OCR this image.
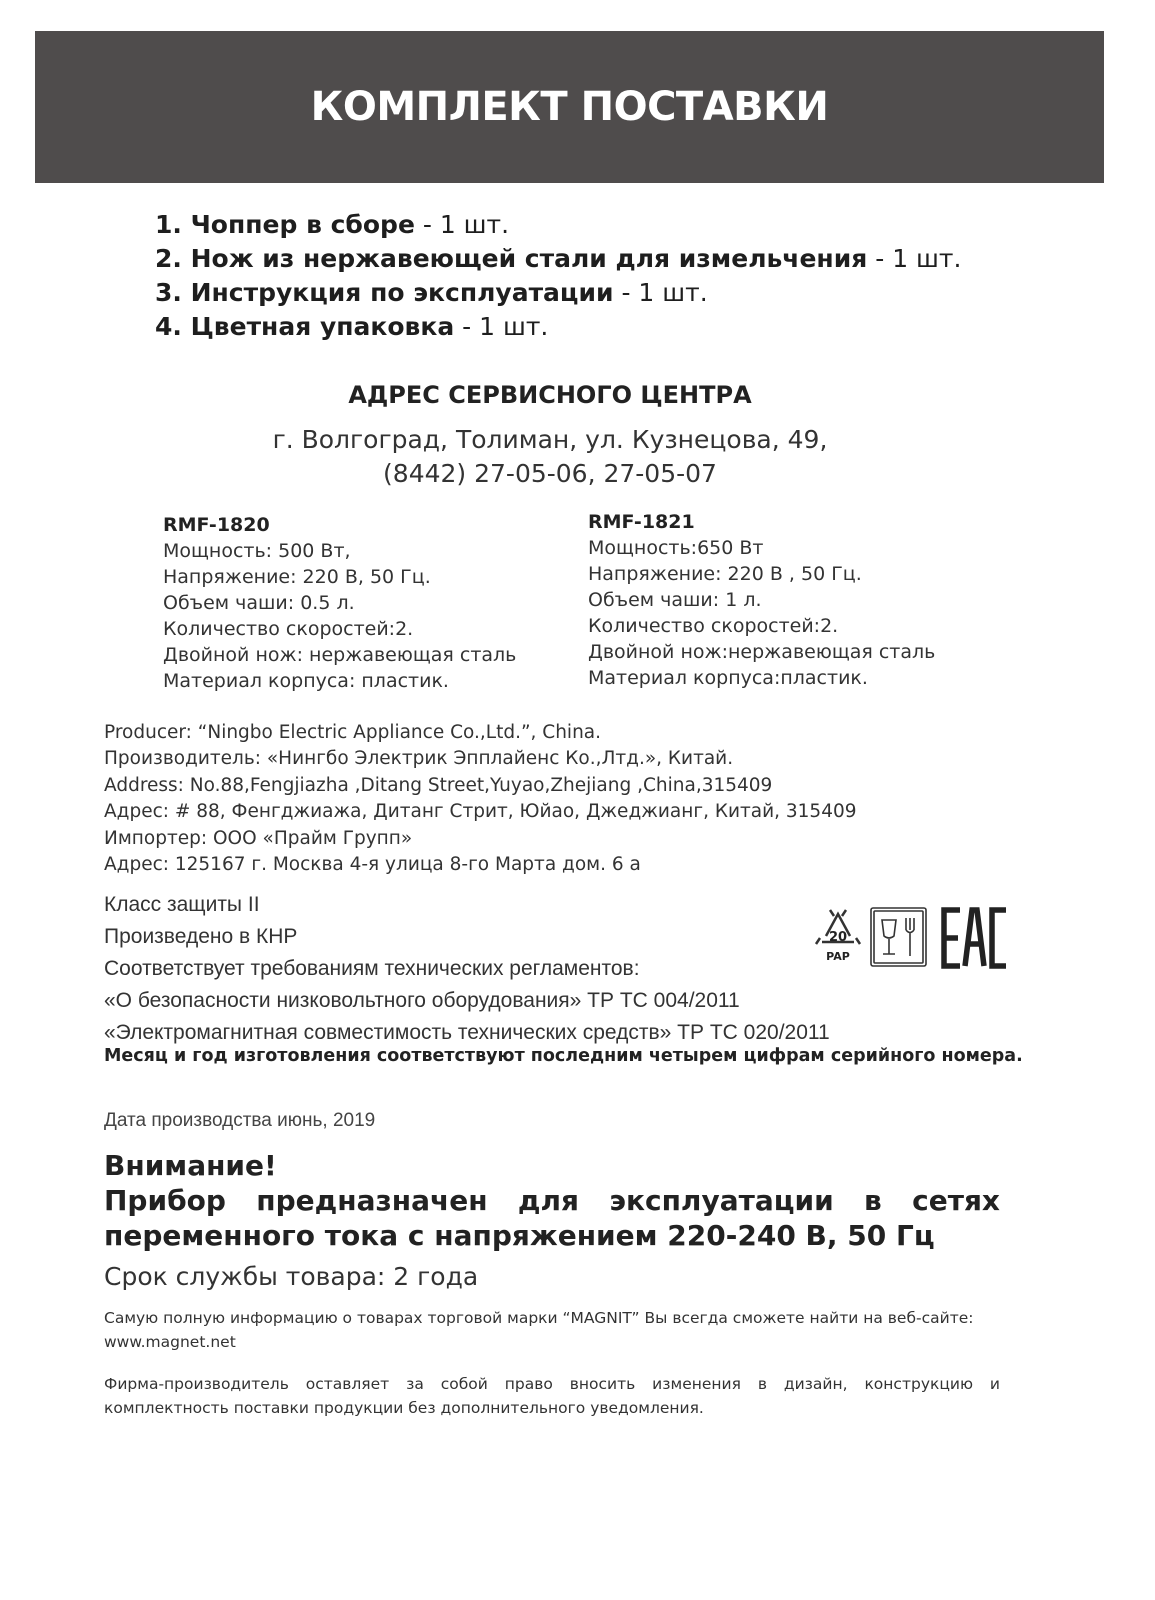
КОМПЛЕКТ ПОСТАВКИ
1. Чоппер в сборе - 1 шт.
2. Нож из нержавеющей стали для измельчения - 1 шт.
3. Инструкция по эксплуатации - 1 шт.
4. Цветная упаковка - 1 шт.
АДРЕС СЕРВИСНОГО ЦЕНТРА
г. Волгоград, Толиман, ул. Кузнецова, 49,
(8442) 27-05-06, 27-05-07
RMF-1820
Мощность: 500 Вт,
Напряжение: 220 В, 50 Гц.
Объем чаши: 0.5 л.
Количество скоростей:2.
Двойной нож: нержавеющая сталь
Материал корпуса: пластик.
RMF-1821
Мощность:650 Вт
Напряжение: 220 В , 50 Гц.
Объем чаши: 1 л.
Количество скоростей:2.
Двойной нож:нержавеющая сталь
Материал корпуса:пластик.
Producer: “Ningbo Electric Appliance Co.,Ltd.”, China.
Производитель: «Нингбо Электрик Эпплайенс Ко.,Лтд.», Китай.
Address: No.88,Fengjiazha ,Ditang Street,Yuyao,Zhejiang ,China,315409
Адрес: # 88, Фенгджиажа, Дитанг Стрит, Юйао, Джеджианг, Китай, 315409
Импортер: ООО «Прайм Групп»
Адрес: 125167 г. Москва 4-я улица 8-го Марта дом. 6 а
Класс защиты II
Произведено в КНР
Соответствует требованиям технических регламентов:
«О безопасности низковольтного оборудования» ТР ТС 004/2011
«Электромагнитная совместимость технических средств» ТР ТС 020/2011
20
PAP
Месяц и год изготовления соответствуют последним четырем цифрам серийного номера.
Дата производства июнь, 2019
Внимание!
Прибор предназначен для эксплуатации в сетях
переменного тока с напряжением 220-240 В, 50 Гц
Срок службы товара: 2 года
Самую полную информацию о товарах торговой марки “MAGNIT” Вы всегда сможете найти на веб-сайте:
www.magnet.net
Фирма-производитель оставляет за собой право вносить изменения в дизайн, конструкцию и
комплектность поставки продукции без дополнительного уведомления.
